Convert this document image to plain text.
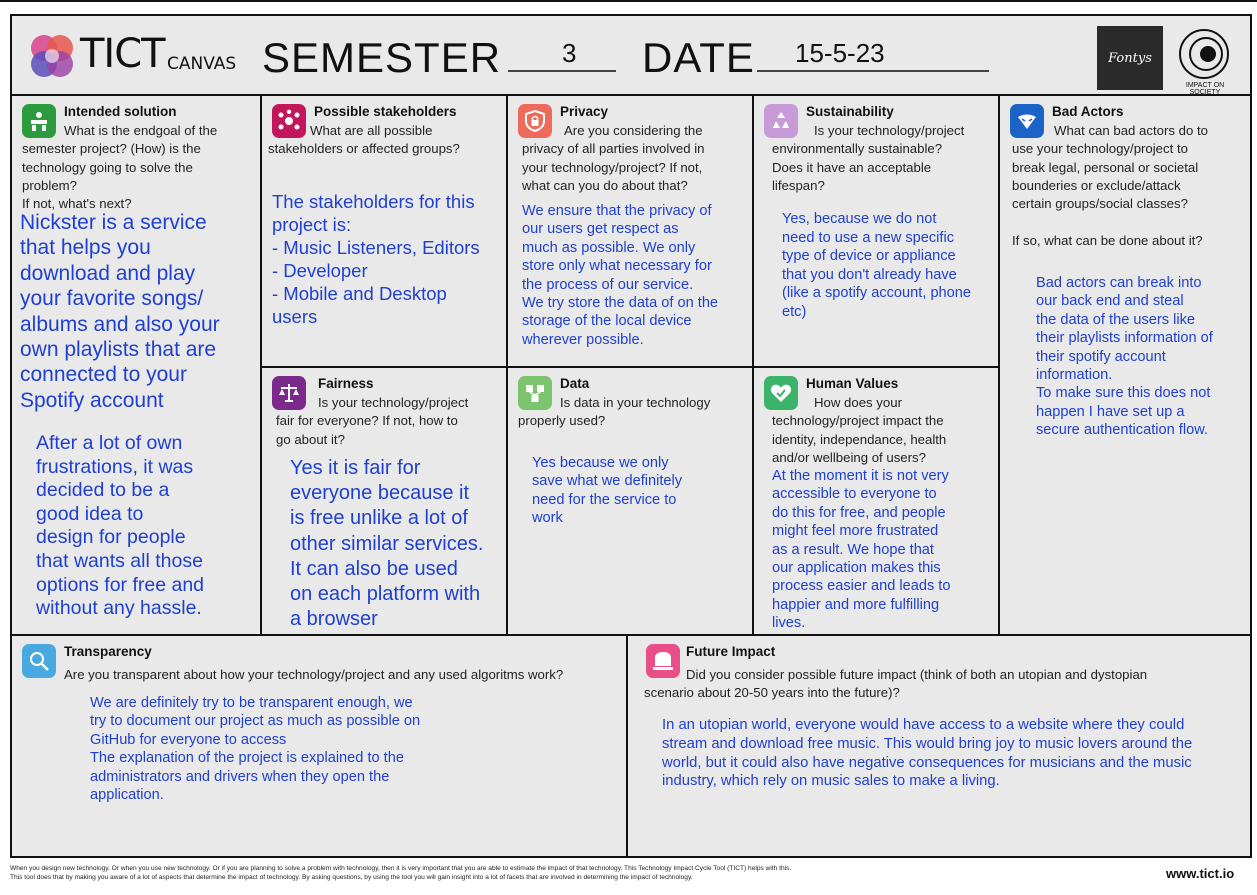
TICT CANVAS SEMESTER 3 DATE 15-5-23	Fontys
IMPACT ON SOCIETY
Intended solution
What is the endgoal of the
semester project? (How) is the
technology going to solve the
problem?
If not, what's next?
Nickster is a service
that helps you
download and play
your favorite songs/
albums and also your
own playlists that are
connected to your
Spotify account
After a lot of own
frustrations, it was
decided to be a
good idea to
design for people
that wants all those
options for free and
without any hassle.
Possible stakeholders
What are all possible
stakeholders or affected groups?
The stakeholders for this
project is:
- Music Listeners, Editors
- Developer
- Mobile and Desktop
users
Privacy
Are you considering the
privacy of all parties involved in
your technology/project? If not,
what can you do about that?
We ensure that the privacy of
our users get respect as
much as possible. We only
store only what necessary for
the process of our service.
We try store the data of on the
storage of the local device
wherever possible.
Sustainability
Is your technology/project
environmentally sustainable?
Does it have an acceptable
lifespan?
Yes, because we do not
need to use a new specific
type of device or appliance
that you don't already have
(like a spotify account, phone
etc)
Bad Actors
What can bad actors do to
use your technology/project to
break legal, personal or societal
bounderies or exclude/attack
certain groups/social classes?

If so, what can be done about it?
Bad actors can break into
our back end and steal
the data of the users like
their playlists information of
their spotify account
information.
To make sure this does not
happen I have set up a
secure authentication flow.
Fairness
Is your technology/project
fair for everyone? If not, how to
go about it?
Yes it is fair for
everyone because it
is free unlike a lot of
other similar services.
It can also be used
on each platform with
a browser
Data
Is data in your technology
properly used?
Yes because we only
save what we definitely
need for the service to
work
Human Values
How does your
technology/project impact the
identity, independance, health
and/or wellbeing of users?
At the moment it is not very
accessible to everyone to
do this for free, and people
might feel more frustrated
as a result. We hope that
our application makes this
process easier and leads to
happier and more fulfilling
lives.
Transparency
Are you transparent about how your technology/project and any used algoritms work?
We are definitely try to be transparent enough, we
try to document our project as much as possible on
GitHub for everyone to access
The explanation of the project is explained to the
administrators and drivers when they open the
application.
Future Impact
Did you consider possible future impact (think of both an utopian and dystopian
scenario about 20-50 years into the future)?
In an utopian world, everyone would have access to a website where they could
stream and download free music. This would bring joy to music lovers around the
world, but it could also have negative consequences for musicians and the music
industry, which rely on music sales to make a living.
When you design new technology. Or when you use new technology. Or if you are planning to solve a problem with technology, then it is very important that you are able to estimate the impact of that technology. This Technology Impact Cycle Tool (TICT) helps with this.
This tool does that by making you aware of a lot of aspects that determine the impact of technology. By asking questions, by using the tool you will gain insight into a lot of facets that are involved in determining the impact of technology.	www.tict.io
